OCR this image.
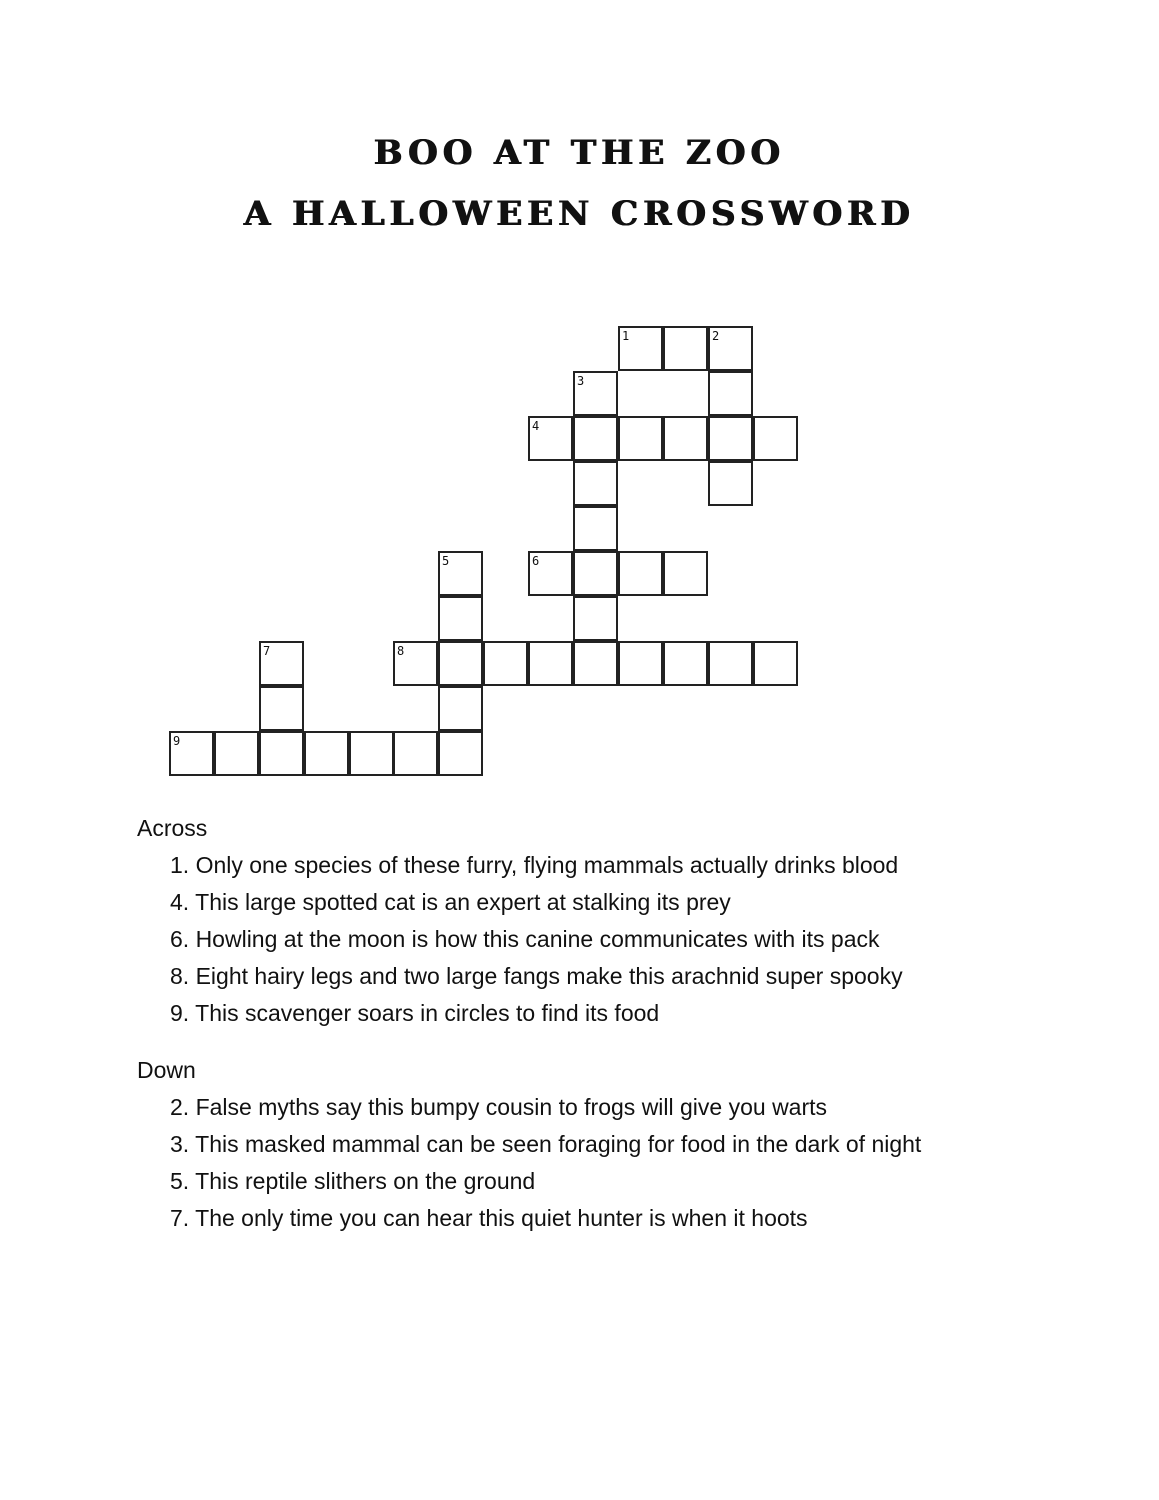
BOO AT THE ZOO
A HALLOWEEN CROSSWORD
1	2
3
4
5	6
7	8
9

Across

1. Only one species of these furry, flying mammals actually drinks blood
4. This large spotted cat is an expert at stalking its prey
6. Howling at the moon is how this canine communicates with its pack
8. Eight hairy legs and two large fangs make this arachnid super spooky
9. This scavenger soars in circles to find its food

Down

2. False myths say this bumpy cousin to frogs will give you warts
3. This masked mammal can be seen foraging for food in the dark of night
5. This reptile slithers on the ground
7. The only time you can hear this quiet hunter is when it hoots
